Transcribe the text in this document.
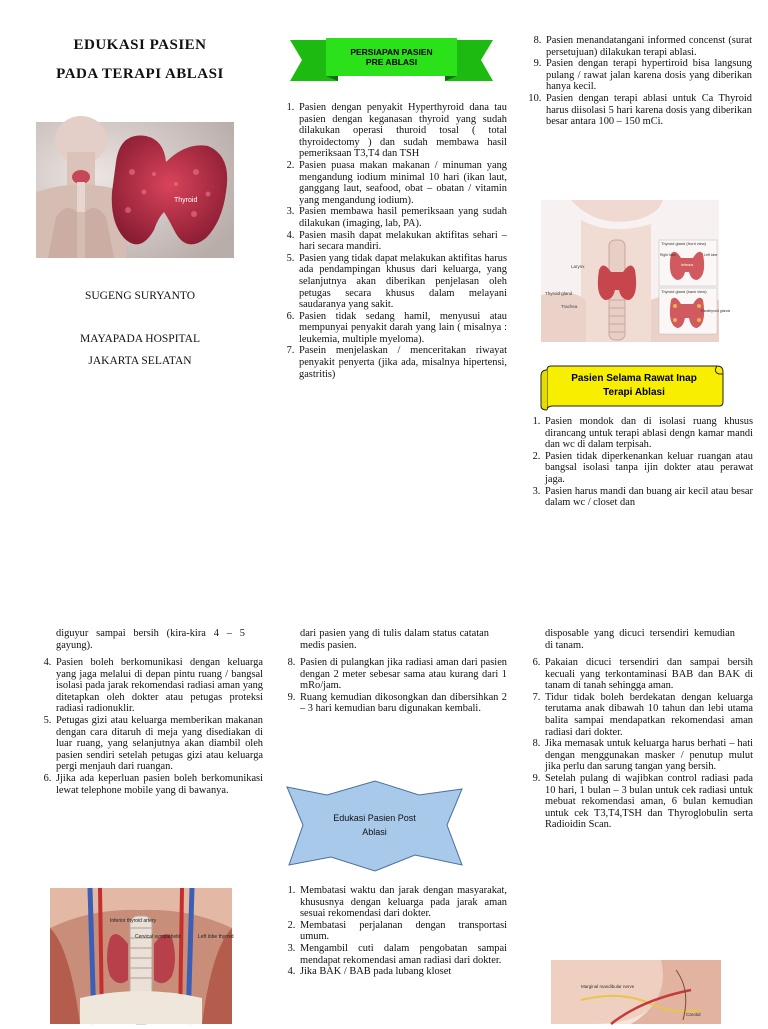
EDUKASI PASIEN
PADA TERAPI ABLASI
Thyroid
SUGENG SURYANTO
MAYAPADA HOSPITAL
JAKARTA SELATAN
PERSIAPAN PASIEN
PRE ABLASI
1. Pasien dengan penyakit Hyperthyroid dana tau pasien dengan keganasan thyroid yang sudah dilakukan operasi thuroid tosal ( total thyroidectomy ) dan sudah membawa hasil pemeriksaan T3,T4 dan TSH
2. Pasien puasa makan makanan / minuman yang mengandung iodium minimal 10 hari (ikan laut, ganggang laut, seafood, obat – obatan / vitamin yang mengandung iodium).
3. Pasien membawa hasil pemeriksaan yang sudah dilakukan (imaging, lab, PA).
4. Pasien masih dapat melakukan aktifitas sehari – hari secara mandiri.
5. Pasien yang tidak dapat melakukan aktifitas harus ada pendampingan khusus dari keluarga, yang selanjutnya akan diberikan penjelasan oleh petugas secara khusus dalam melayani saudaranya yang sakit.
6. Pasien tidak sedang hamil, menyusui atau mempunyai penyakit darah yang lain ( misalnya : leukemia, multiple myeloma).
7. Pasein menjelaskan / menceritakan riwayat penyakit penyerta (jika ada, misalnya hipertensi, gastritis)
8. Pasien menandatangani informed concenst (surat persetujuan) dilakukan terapi ablasi.
9. Pasien dengan terapi hypertiroid bisa langsung pulang / rawat jalan karena dosis yang diberikan hanya kecil.
10. Pasien dengan terapi ablasi untuk Ca Thyroid harus diisolasi 5 hari karena dosis yang diberikan besar antara 100 – 150 mCi.
Larynx
Thyroid gland
Trachea
Thyroid gland (front view)
Right lobe	Left lobe
Isthmus
Thyroid gland (back view)
Parathyroid glands
Pasien Selama Rawat Inap
Terapi Ablasi
1. Pasien mondok dan di isolasi ruang khusus dirancang untuk terapi ablasi dengn kamar mandi dan wc di dalam terpisah.
2. Pasien tidak diperkenankan keluar ruangan atau bangsal isolasi tanpa ijin dokter atau perawat jaga.
3. Pasien harus mandi dan buang air kecil atau besar dalam wc / closet dan
diguyur sampai bersih (kira-kira 4 – 5 gayung).
4. Pasien boleh berkomunikasi dengan keluarga yang jaga melalui di depan pintu ruang / bangsal isolasi pada jarak rekomendasi radiasi aman yang ditetapkan oleh dokter atau petugas proteksi radiasi radionuklir.
5. Petugas gizi atau keluarga memberikan makanan dengan cara ditaruh di meja yang disediakan di luar ruang, yang selanjutnya akan diambil oleh pasien sendiri setelah petugas gizi atau keluarga pergi menjauh dari ruangan.
6. Jjika ada keperluan pasien boleh berkomunikasi lewat telephone mobile yang di bawanya.
Inferior thyroid artery
Cervical sympathetic	Left lobe thyroid
dari pasien yang di tulis dalam status catatan medis pasien.
8. Pasien di pulangkan jika radiasi aman dari pasien dengan 2 meter sebesar sama atau kurang dari 1 mRo/jam.
9. Ruang kemudian dikosongkan dan dibersihkan 2 – 3 hari kemudian baru digunakan kembali.
Edukasi Pasien Post
Ablasi
1. Membatasi waktu dan jarak dengan masyarakat, khususnya dengan keluarga pada jarak aman sesuai rekomendasi dari dokter.
2. Membatasi perjalanan dengan transportasi umum.
3. Mengambil cuti dalam pengobatan sampai mendapat rekomendasi aman radiasi dari dokter.
4. Jika BAK / BAB pada lubang kloset
disposable yang dicuci tersendiri kemudian di tanam.
6. Pakaian dicuci tersendiri dan sampai bersih kecuali yang terkontaminasi BAB dan BAK di tanam di tanah sehingga aman.
7. Tidur tidak boleh berdekatan dengan keluarga terutama anak dibawah 10 tahun dan lebi utama balita sampai mendapatkan rekomendasi aman radiasi dari dokter.
8. Jika memasak untuk keluarga harus berhati – hati dengan menggunakan masker / penutup mulut jika perlu dan sarung tangan yang bersih.
9. Setelah pulang di wajibkan control radiasi pada 10 hari, 1 bulan – 3 bulan untuk cek radiasi untuk mebuat rekomendasi aman, 6 bulan kemudian untuk cek T3,T4,TSH dan Thyroglobulin serta Radioidin Scan.
Marginal mandibular nerve
Carotid
